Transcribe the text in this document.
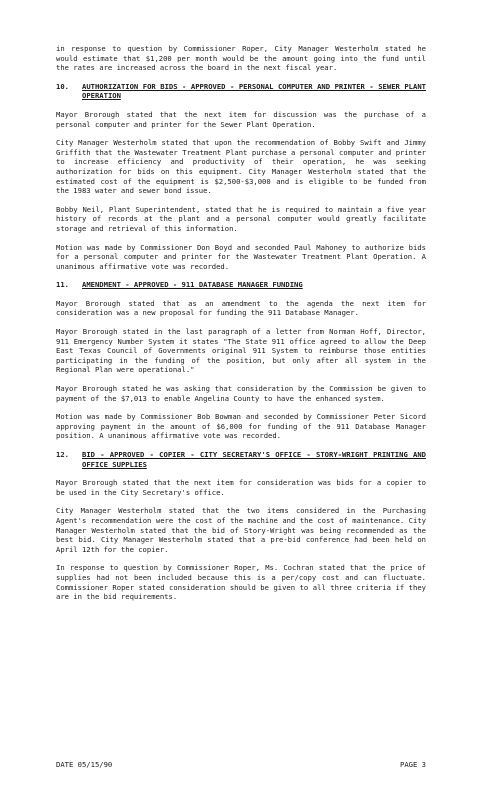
in response to question by Commissioner Roper, City Manager Westerholm stated he would estimate that $1,200 per month would be the amount going into the fund until the rates are increased across the board in the next fiscal year.

10.	AUTHORIZATION FOR BIDS - APPROVED - PERSONAL COMPUTER AND PRINTER - SEWER PLANT OPERATION

Mayor Brorough stated that the next item for discussion was the purchase of a personal computer and printer for the Sewer Plant Operation.

City Manager Westerholm stated that upon the recommendation of Bobby Swift and Jimmy Griffith that the Wastewater Treatment Plant purchase a personal computer and printer to increase efficiency and productivity of their operation, he was seeking authorization for bids on this equipment. City Manager Westerholm stated that the estimated cost of the equipment is $2,500-$3,000 and is eligible to be funded from the 1983 water and sewer bond issue.

Bobby Neil, Plant Superintendent, stated that he is required to maintain a five year history of records at the plant and a personal computer would greatly facilitate storage and retrieval of this information.

Motion was made by Commissioner Don Boyd and seconded Paul Mahoney to authorize bids for a personal computer and printer for the Wastewater Treatment Plant Operation. A unanimous affirmative vote was recorded.

11.	AMENDMENT - APPROVED - 911 DATABASE MANAGER FUNDING

Mayor Brorough stated that as an amendment to the agenda the next item for consideration was a new proposal for funding the 911 Database Manager.

Mayor Brorough stated in the last paragraph of a letter from Norman Hoff, Director, 911 Emergency Number System it states "The State 911 office agreed to allow the Deep East Texas Council of Governments original 911 System to reimburse those entities participating in the funding of the position, but only after all system in the Regional Plan were operational."

Mayor Brorough stated he was asking that consideration by the Commission be given to payment of the $7,013 to enable Angelina County to have the enhanced system.

Motion was made by Commissioner Bob Bowman and seconded by Commissioner Peter Sicord approving payment in the amount of $6,000 for funding of the 911 Database Manager position. A unanimous affirmative vote was recorded.

12.	BID - APPROVED - COPIER - CITY SECRETARY'S OFFICE - STORY-WRIGHT PRINTING AND OFFICE SUPPLIES

Mayor Brorough stated that the next item for consideration was bids for a copier to be used in the City Secretary's office.

City Manager Westerholm stated that the two items considered in the Purchasing Agent's recommendation were the cost of the machine and the cost of maintenance. City Manager Westerholm stated that the bid of Story-Wright was being recommended as the best bid. City Manager Westerholm stated that a pre-bid conference had been held on April 12th for the copier.

In response to question by Commissioner Roper, Ms. Cochran stated that the price of supplies had not been included because this is a per/copy cost and can fluctuate. Commissioner Roper stated consideration should be given to all three criteria if they are in the bid requirements.

DATE 05/15/90	PAGE 3
